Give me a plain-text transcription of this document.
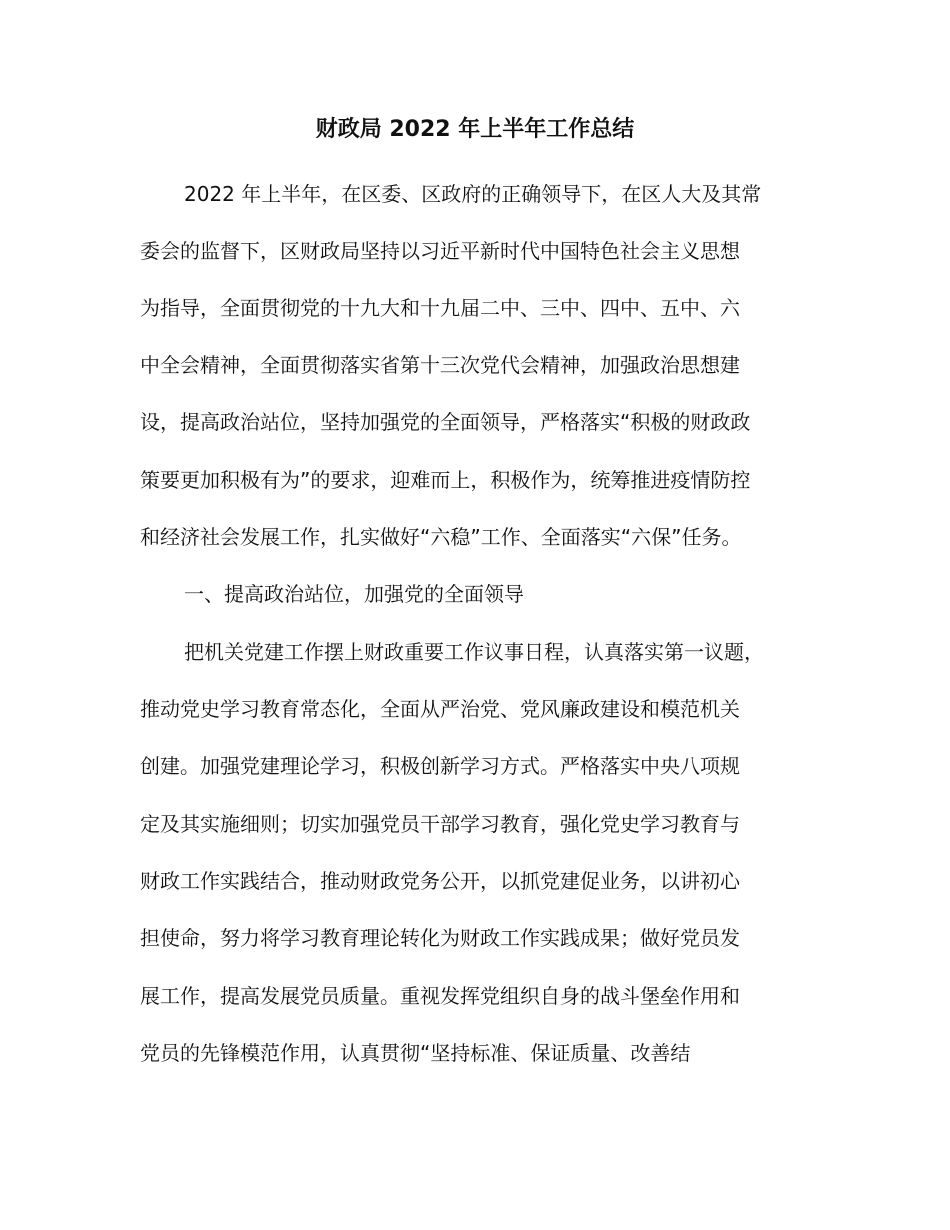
财政局 2022 年上半年工作总结
2022 年上半年，在区委、区政府的正确领导下，在区人大及其常
委会的监督下，区财政局坚持以习近平新时代中国特色社会主义思想
为指导，全面贯彻党的十九大和十九届二中、三中、四中、五中、六
中全会精神，全面贯彻落实省第十三次党代会精神，加强政治思想建
设，提高政治站位，坚持加强党的全面领导，严格落实“积极的财政政
策要更加积极有为”的要求，迎难而上，积极作为，统筹推进疫情防控
和经济社会发展工作，扎实做好“六稳”工作、全面落实“六保”任务。
一、提高政治站位，加强党的全面领导
把机关党建工作摆上财政重要工作议事日程，认真落实第一议题，
推动党史学习教育常态化，全面从严治党、党风廉政建设和模范机关
创建。加强党建理论学习，积极创新学习方式。严格落实中央八项规
定及其实施细则；切实加强党员干部学习教育，强化党史学习教育与
财政工作实践结合，推动财政党务公开，以抓党建促业务，以讲初心
担使命，努力将学习教育理论转化为财政工作实践成果；做好党员发
展工作，提高发展党员质量。重视发挥党组织自身的战斗堡垒作用和
党员的先锋模范作用，认真贯彻“坚持标准、保证质量、改善结
